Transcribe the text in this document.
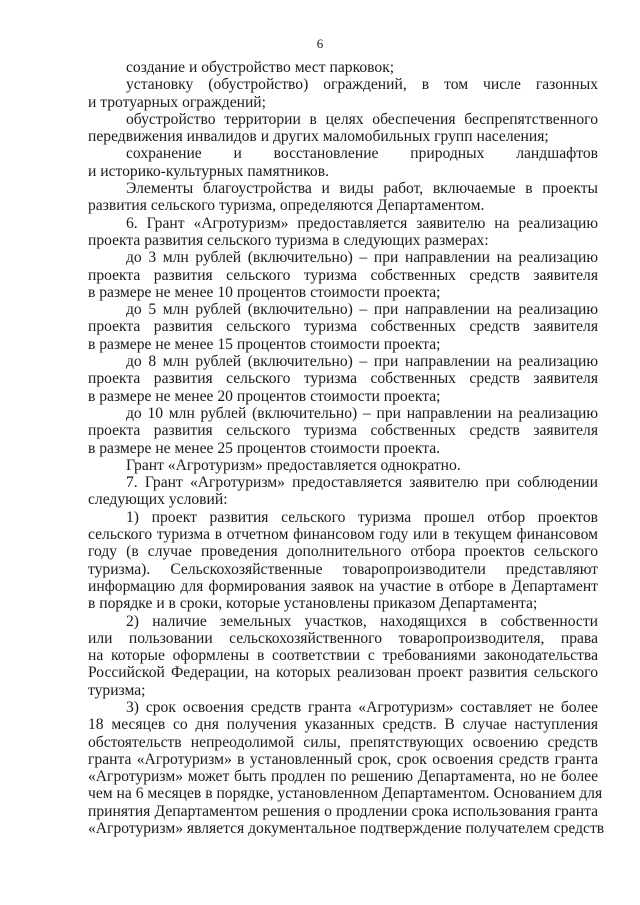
6
создание и обустройство мест парковок;
установку (обустройство) ограждений, в том числе газонных
и тротуарных ограждений;
обустройство территории в целях обеспечения беспрепятственного
передвижения инвалидов и других маломобильных групп населения;
сохранение и восстановление природных ландшафтов
и историко-культурных памятников.
Элементы благоустройства и виды работ, включаемые в проекты
развития сельского туризма, определяются Департаментом.
6. Грант «Агротуризм» предоставляется заявителю на реализацию
проекта развития сельского туризма в следующих размерах:
до 3 млн рублей (включительно) – при направлении на реализацию
проекта развития сельского туризма собственных средств заявителя
в размере не менее 10 процентов стоимости проекта;
до 5 млн рублей (включительно) – при направлении на реализацию
проекта развития сельского туризма собственных средств заявителя
в размере не менее 15 процентов стоимости проекта;
до 8 млн рублей (включительно) – при направлении на реализацию
проекта развития сельского туризма собственных средств заявителя
в размере не менее 20 процентов стоимости проекта;
до 10 млн рублей (включительно) – при направлении на реализацию
проекта развития сельского туризма собственных средств заявителя
в размере не менее 25 процентов стоимости проекта.
Грант «Агротуризм» предоставляется однократно.
7. Грант «Агротуризм» предоставляется заявителю при соблюдении
следующих условий:
1) проект развития сельского туризма прошел отбор проектов
сельского туризма в отчетном финансовом году или в текущем финансовом
году (в случае проведения дополнительного отбора проектов сельского
туризма). Сельскохозяйственные товаропроизводители представляют
информацию для формирования заявок на участие в отборе в Департамент
в порядке и в сроки, которые установлены приказом Департамента;
2) наличие земельных участков, находящихся в собственности
или пользовании сельскохозяйственного товаропроизводителя, права
на которые оформлены в соответствии с требованиями законодательства
Российской Федерации, на которых реализован проект развития сельского
туризма;
3) срок освоения средств гранта «Агротуризм» составляет не более
18 месяцев со дня получения указанных средств. В случае наступления
обстоятельств непреодолимой силы, препятствующих освоению средств
гранта «Агротуризм» в установленный срок, срок освоения средств гранта
«Агротуризм» может быть продлен по решению Департамента, но не более
чем на 6 месяцев в порядке, установленном Департаментом. Основанием для
принятия Департаментом решения о продлении срока использования гранта
«Агротуризм» является документальное подтверждение получателем средств
